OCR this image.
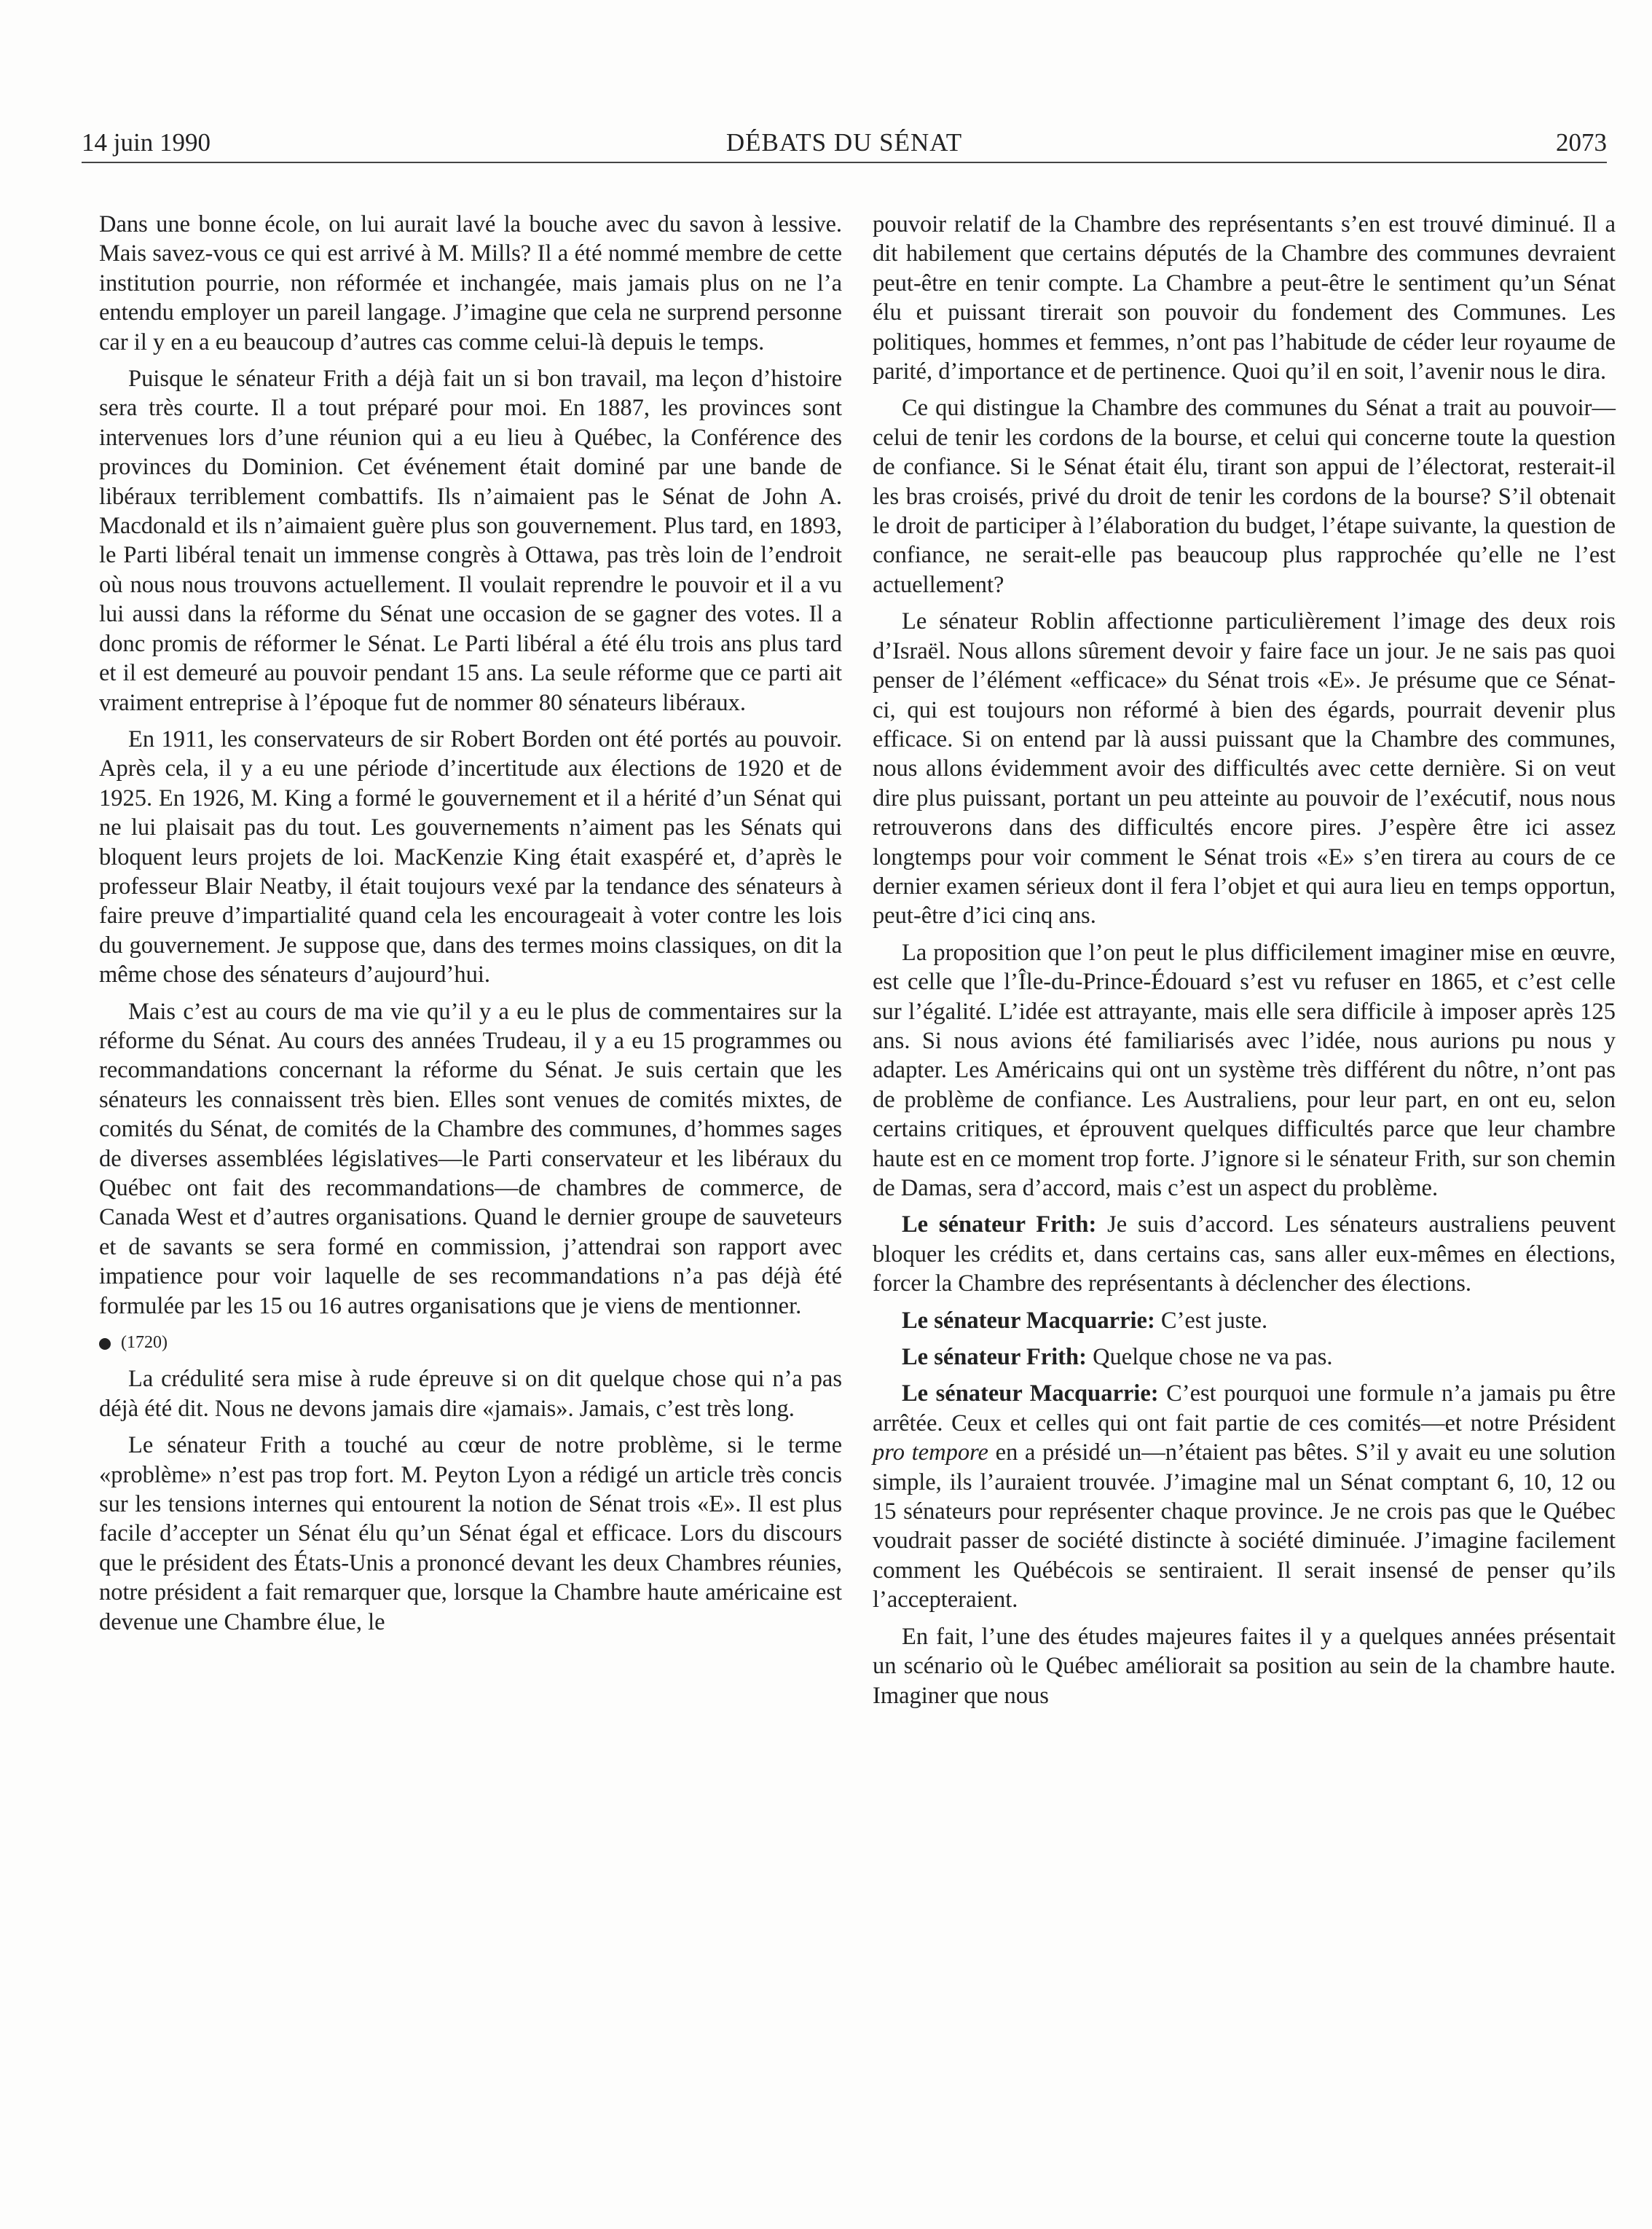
14 juin 1990	DÉBATS DU SÉNAT	2073

Dans une bonne école, on lui aurait lavé la bouche avec du savon à lessive. Mais savez-vous ce qui est arrivé à M. Mills? Il a été nommé membre de cette institution pourrie, non réformée et inchangée, mais jamais plus on ne l’a entendu employer un pareil langage. J’imagine que cela ne surprend personne car il y en a eu beaucoup d’autres cas comme celui-là depuis le temps.

Puisque le sénateur Frith a déjà fait un si bon travail, ma leçon d’histoire sera très courte. Il a tout préparé pour moi. En 1887, les provinces sont intervenues lors d’une réunion qui a eu lieu à Québec, la Conférence des provinces du Dominion. Cet événement était dominé par une bande de libéraux terriblement combattifs. Ils n’aimaient pas le Sénat de John A. Macdonald et ils n’aimaient guère plus son gouvernement. Plus tard, en 1893, le Parti libéral tenait un immense congrès à Ottawa, pas très loin de l’endroit où nous nous trouvons actuellement. Il voulait reprendre le pouvoir et il a vu lui aussi dans la réforme du Sénat une occasion de se gagner des votes. Il a donc promis de réformer le Sénat. Le Parti libéral a été élu trois ans plus tard et il est demeuré au pouvoir pendant 15 ans. La seule réforme que ce parti ait vraiment entreprise à l’époque fut de nommer 80 sénateurs libéraux.

En 1911, les conservateurs de sir Robert Borden ont été portés au pouvoir. Après cela, il y a eu une période d’incertitude aux élections de 1920 et de 1925. En 1926, M. King a formé le gouvernement et il a hérité d’un Sénat qui ne lui plaisait pas du tout. Les gouvernements n’aiment pas les Sénats qui bloquent leurs projets de loi. MacKenzie King était exaspéré et, d’après le professeur Blair Neatby, il était toujours vexé par la tendance des sénateurs à faire preuve d’impartialité quand cela les encourageait à voter contre les lois du gouvernement. Je suppose que, dans des termes moins classiques, on dit la même chose des sénateurs d’aujourd’hui.

Mais c’est au cours de ma vie qu’il y a eu le plus de commentaires sur la réforme du Sénat. Au cours des années Trudeau, il y a eu 15 programmes ou recommandations concernant la réforme du Sénat. Je suis certain que les sénateurs les connaissent très bien. Elles sont venues de comités mixtes, de comités du Sénat, de comités de la Chambre des communes, d’hommes sages de diverses assemblées législatives—le Parti conservateur et les libéraux du Québec ont fait des recommandations—de chambres de commerce, de Canada West et d’autres organisations. Quand le dernier groupe de sauveteurs et de savants se sera formé en commission, j’attendrai son rapport avec impatience pour voir laquelle de ses recommandations n’a pas déjà été formulée par les 15 ou 16 autres organisations que je viens de mentionner.

(1720)

La crédulité sera mise à rude épreuve si on dit quelque chose qui n’a pas déjà été dit. Nous ne devons jamais dire «jamais». Jamais, c’est très long.

Le sénateur Frith a touché au cœur de notre problème, si le terme «problème» n’est pas trop fort. M. Peyton Lyon a rédigé un article très concis sur les tensions internes qui entourent la notion de Sénat trois «E». Il est plus facile d’accepter un Sénat élu qu’un Sénat égal et efficace. Lors du discours que le président des États-Unis a prononcé devant les deux Chambres réunies, notre président a fait remarquer que, lorsque la Chambre haute américaine est devenue une Chambre élue, le

pouvoir relatif de la Chambre des représentants s’en est trouvé diminué. Il a dit habilement que certains députés de la Chambre des communes devraient peut-être en tenir compte. La Chambre a peut-être le sentiment qu’un Sénat élu et puissant tirerait son pouvoir du fondement des Communes. Les politiques, hommes et femmes, n’ont pas l’habitude de céder leur royaume de parité, d’importance et de pertinence. Quoi qu’il en soit, l’avenir nous le dira.

Ce qui distingue la Chambre des communes du Sénat a trait au pouvoir—celui de tenir les cordons de la bourse, et celui qui concerne toute la question de confiance. Si le Sénat était élu, tirant son appui de l’électorat, resterait-il les bras croisés, privé du droit de tenir les cordons de la bourse? S’il obtenait le droit de participer à l’élaboration du budget, l’étape suivante, la question de confiance, ne serait-elle pas beaucoup plus rapprochée qu’elle ne l’est actuellement?

Le sénateur Roblin affectionne particulièrement l’image des deux rois d’Israël. Nous allons sûrement devoir y faire face un jour. Je ne sais pas quoi penser de l’élément «efficace» du Sénat trois «E». Je présume que ce Sénat-ci, qui est toujours non réformé à bien des égards, pourrait devenir plus efficace. Si on entend par là aussi puissant que la Chambre des communes, nous allons évidemment avoir des difficultés avec cette dernière. Si on veut dire plus puissant, portant un peu atteinte au pouvoir de l’exécutif, nous nous retrouverons dans des difficultés encore pires. J’espère être ici assez longtemps pour voir comment le Sénat trois «E» s’en tirera au cours de ce dernier examen sérieux dont il fera l’objet et qui aura lieu en temps opportun, peut-être d’ici cinq ans.

La proposition que l’on peut le plus difficilement imaginer mise en œuvre, est celle que l’Île-du-Prince-Édouard s’est vu refuser en 1865, et c’est celle sur l’égalité. L’idée est attrayante, mais elle sera difficile à imposer après 125 ans. Si nous avions été familiarisés avec l’idée, nous aurions pu nous y adapter. Les Américains qui ont un système très différent du nôtre, n’ont pas de problème de confiance. Les Australiens, pour leur part, en ont eu, selon certains critiques, et éprouvent quelques difficultés parce que leur chambre haute est en ce moment trop forte. J’ignore si le sénateur Frith, sur son chemin de Damas, sera d’accord, mais c’est un aspect du problème.

Le sénateur Frith: Je suis d’accord. Les sénateurs australiens peuvent bloquer les crédits et, dans certains cas, sans aller eux-mêmes en élections, forcer la Chambre des représentants à déclencher des élections.

Le sénateur Macquarrie: C’est juste.

Le sénateur Frith: Quelque chose ne va pas.

Le sénateur Macquarrie: C’est pourquoi une formule n’a jamais pu être arrêtée. Ceux et celles qui ont fait partie de ces comités—et notre Président pro tempore en a présidé un—n’étaient pas bêtes. S’il y avait eu une solution simple, ils l’auraient trouvée. J’imagine mal un Sénat comptant 6, 10, 12 ou 15 sénateurs pour représenter chaque province. Je ne crois pas que le Québec voudrait passer de société distincte à société diminuée. J’imagine facilement comment les Québécois se sentiraient. Il serait insensé de penser qu’ils l’accepteraient.

En fait, l’une des études majeures faites il y a quelques années présentait un scénario où le Québec améliorait sa position au sein de la chambre haute. Imaginer que nous
